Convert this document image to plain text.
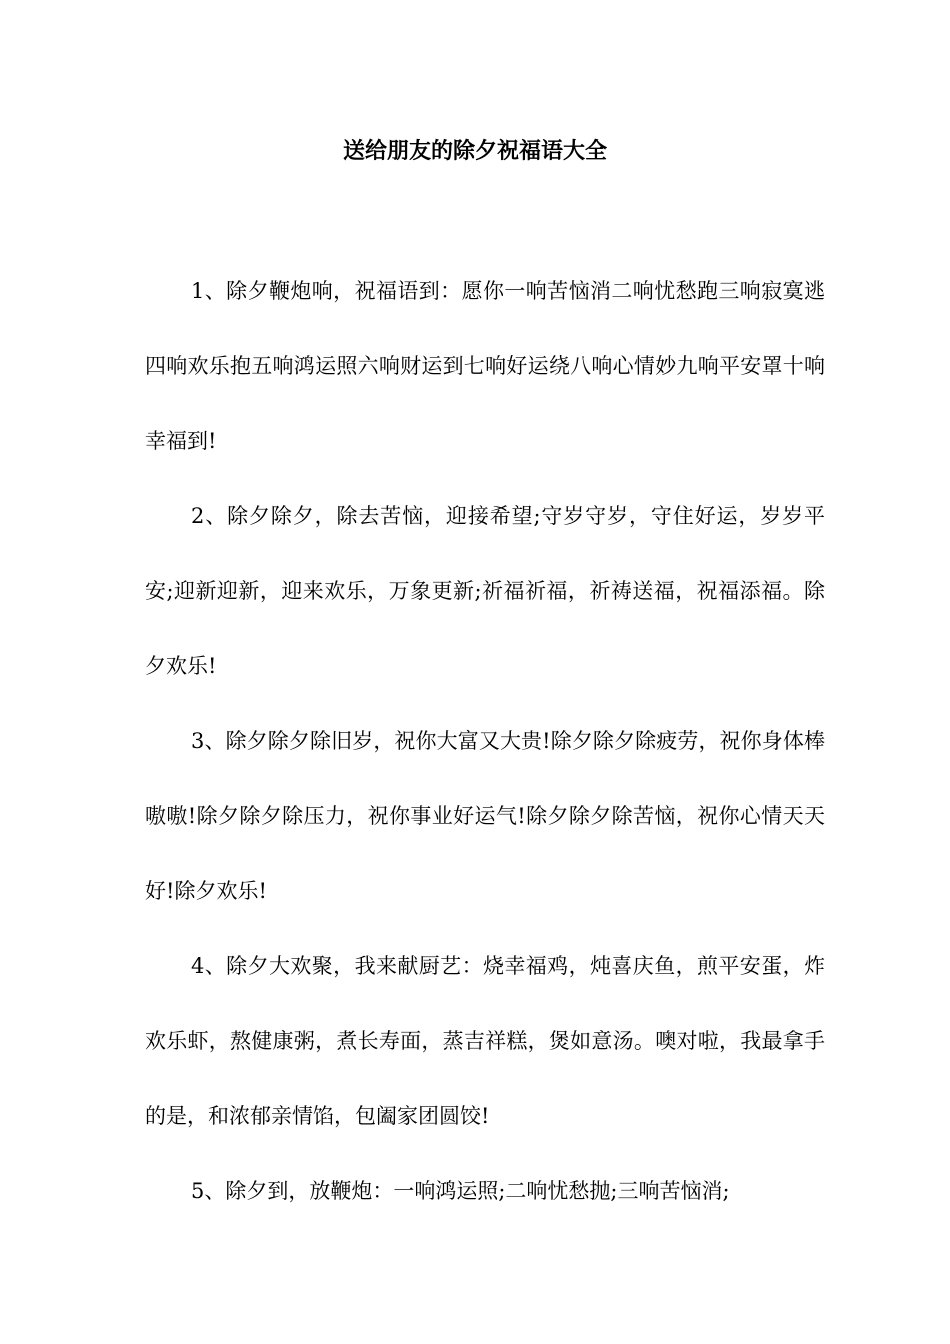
送给朋友的除夕祝福语大全

1、除夕鞭炮响，祝福语到：愿你一响苦恼消二响忧愁跑三响寂寞逃四响欢乐抱五响鸿运照六响财运到七响好运绕八响心情妙九响平安罩十响幸福到!

2、除夕除夕，除去苦恼，迎接希望;守岁守岁，守住好运，岁岁平安;迎新迎新，迎来欢乐，万象更新;祈福祈福，祈祷送福，祝福添福。除夕欢乐!

3、除夕除夕除旧岁，祝你大富又大贵!除夕除夕除疲劳，祝你身体棒嗷嗷!除夕除夕除压力，祝你事业好运气!除夕除夕除苦恼，祝你心情天天好!除夕欢乐!

4、除夕大欢聚，我来献厨艺：烧幸福鸡，炖喜庆鱼，煎平安蛋，炸欢乐虾，熬健康粥，煮长寿面，蒸吉祥糕，煲如意汤。噢对啦，我最拿手的是，和浓郁亲情馅，包阖家团圆饺!

5、除夕到，放鞭炮：一响鸿运照;二响忧愁抛;三响苦恼消;
